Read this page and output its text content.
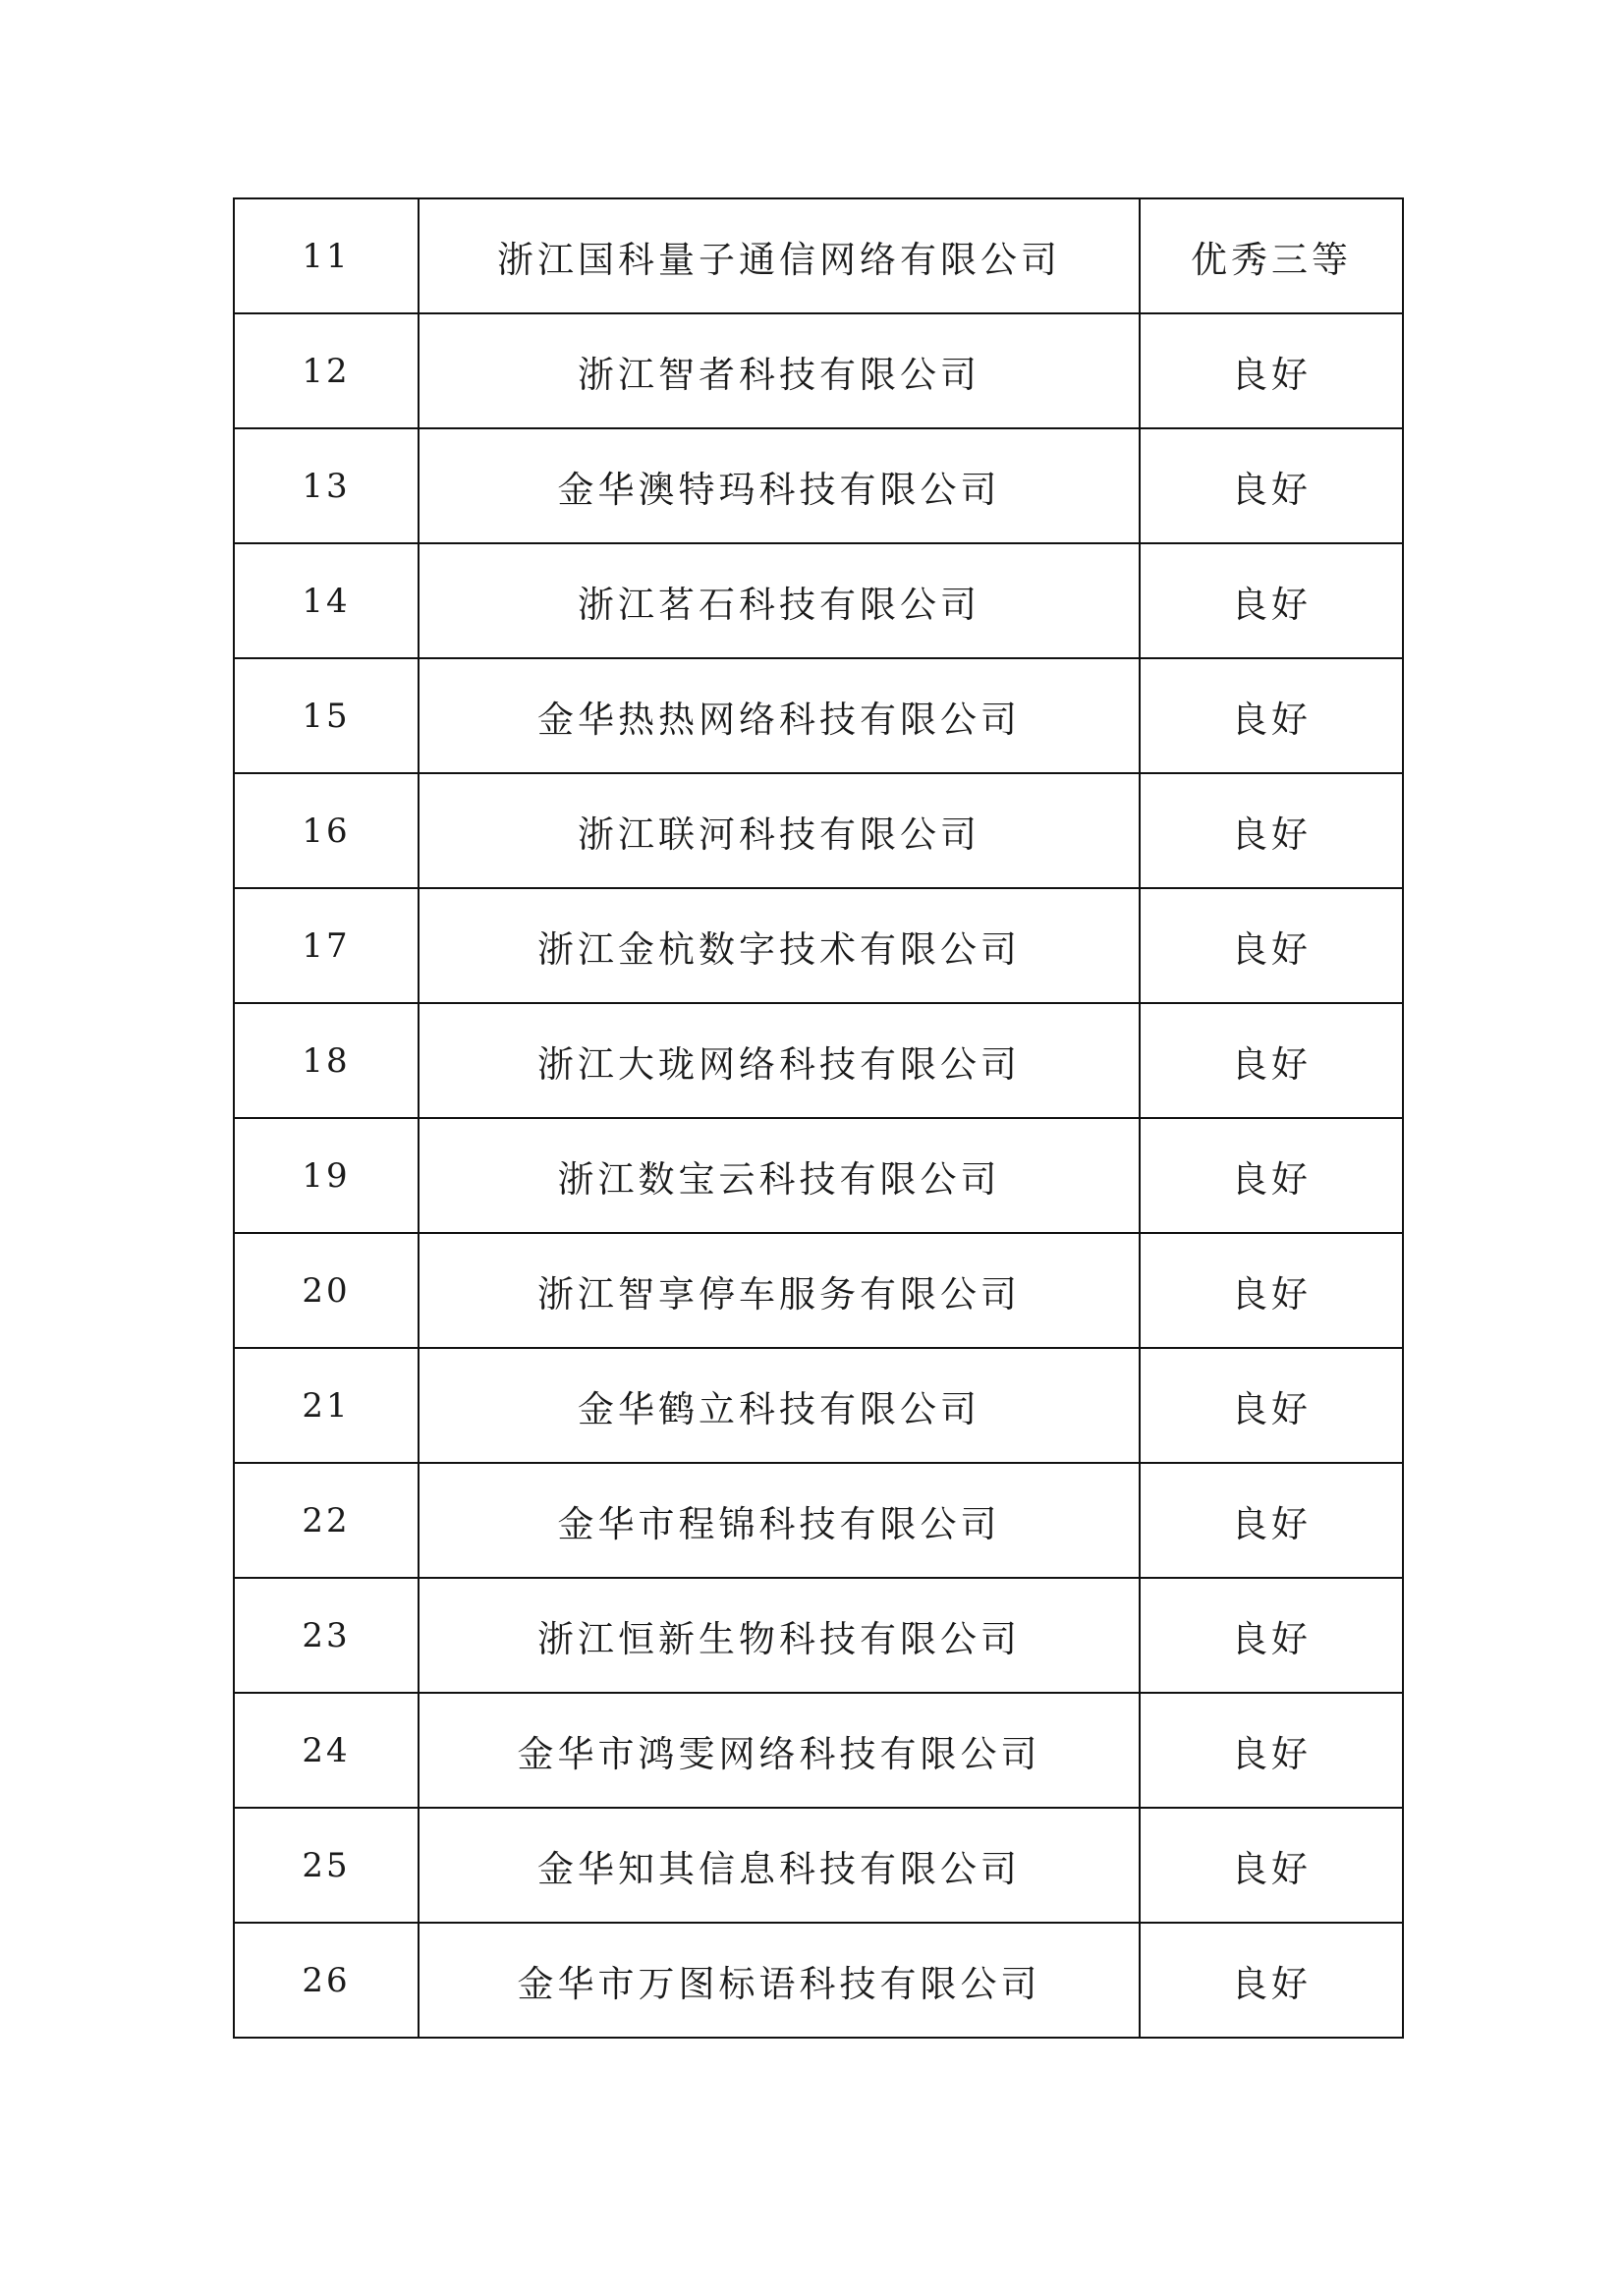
11	浙江国科量子通信网络有限公司	优秀三等
12	浙江智者科技有限公司	良好
13	金华澳特玛科技有限公司	良好
14	浙江茗石科技有限公司	良好
15	金华热热网络科技有限公司	良好
16	浙江联河科技有限公司	良好
17	浙江金杭数字技术有限公司	良好
18	浙江大珑网络科技有限公司	良好
19	浙江数宝云科技有限公司	良好
20	浙江智享停车服务有限公司	良好
21	金华鹤立科技有限公司	良好
22	金华市程锦科技有限公司	良好
23	浙江恒新生物科技有限公司	良好
24	金华市鸿雯网络科技有限公司	良好
25	金华知其信息科技有限公司	良好
26	金华市万图标语科技有限公司	良好
